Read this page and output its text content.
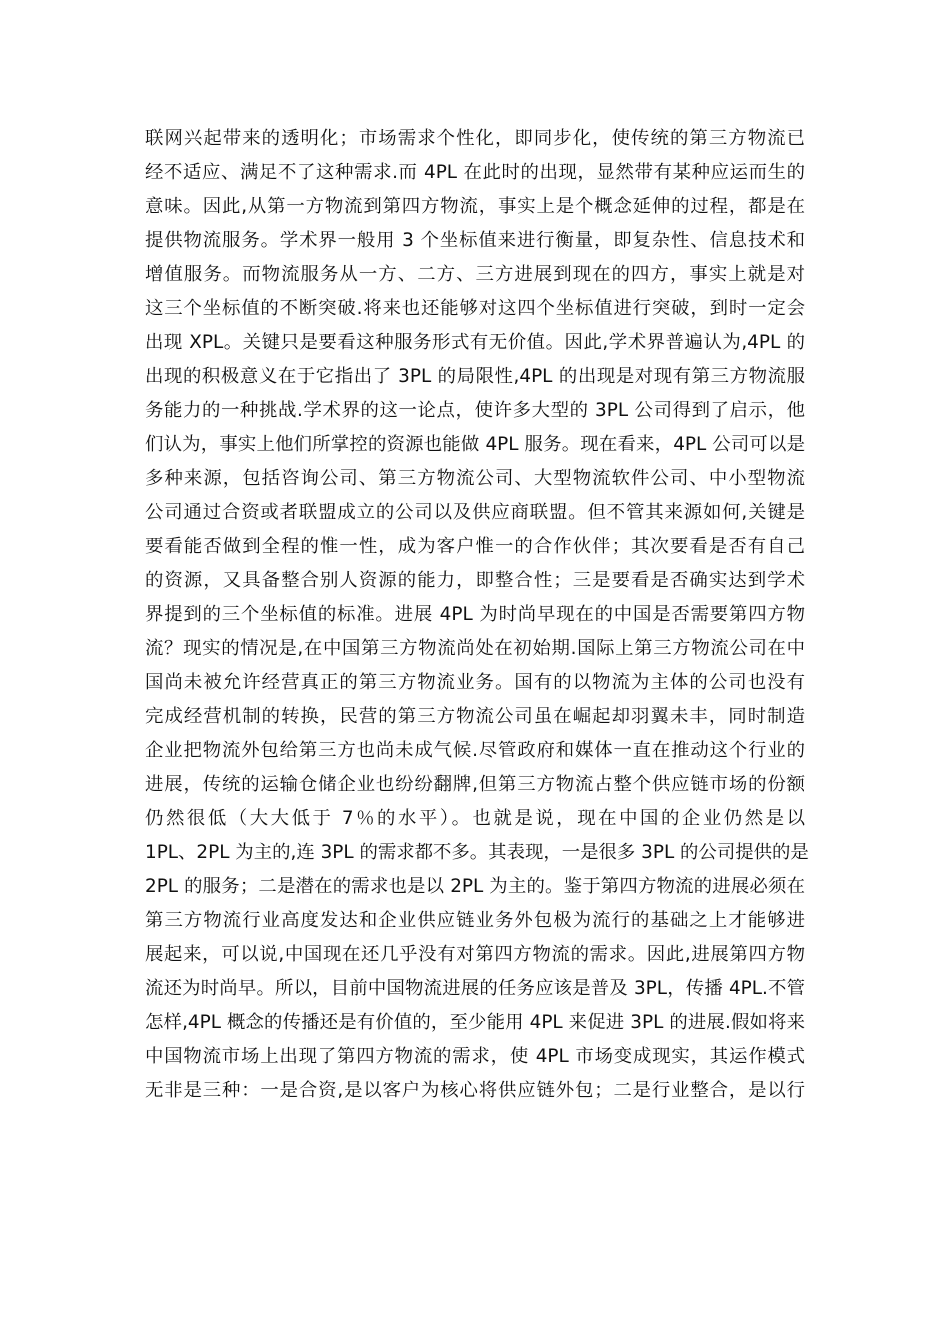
联网兴起带来的透明化；市场需求个性化，即同步化，使传统的第三方物流已
经不适应、满足不了这种需求.而 4PL 在此时的出现，显然带有某种应运而生的
意味。因此,从第一方物流到第四方物流，事实上是个概念延伸的过程，都是在
提供物流服务。学术界一般用 3 个坐标值来进行衡量，即复杂性、信息技术和
增值服务。而物流服务从一方、二方、三方进展到现在的四方，事实上就是对
这三个坐标值的不断突破.将来也还能够对这四个坐标值进行突破，到时一定会
出现 XPL。关键只是要看这种服务形式有无价值。因此,学术界普遍认为,4PL 的
出现的积极意义在于它指出了 3PL 的局限性,4PL 的出现是对现有第三方物流服
务能力的一种挑战.学术界的这一论点，使许多大型的 3PL 公司得到了启示，他
们认为，事实上他们所掌控的资源也能做 4PL 服务。现在看来，4PL 公司可以是
多种来源，包括咨询公司、第三方物流公司、大型物流软件公司、中小型物流
公司通过合资或者联盟成立的公司以及供应商联盟。但不管其来源如何,关键是
要看能否做到全程的惟一性，成为客户惟一的合作伙伴；其次要看是否有自己
的资源，又具备整合别人资源的能力，即整合性；三是要看是否确实达到学术
界提到的三个坐标值的标准。进展 4PL 为时尚早现在的中国是否需要第四方物
流？现实的情况是,在中国第三方物流尚处在初始期.国际上第三方物流公司在中
国尚未被允许经营真正的第三方物流业务。国有的以物流为主体的公司也没有
完成经营机制的转换，民营的第三方物流公司虽在崛起却羽翼未丰，同时制造
企业把物流外包给第三方也尚未成气候.尽管政府和媒体一直在推动这个行业的
进展，传统的运输仓储企业也纷纷翻牌,但第三方物流占整个供应链市场的份额
仍然很低（大大低于 7％的水平）。也就是说，现在中国的企业仍然是以
1PL、2PL 为主的,连 3PL 的需求都不多。其表现，一是很多 3PL 的公司提供的是
2PL 的服务；二是潜在的需求也是以 2PL 为主的。鉴于第四方物流的进展必须在
第三方物流行业高度发达和企业供应链业务外包极为流行的基础之上才能够进
展起来，可以说,中国现在还几乎没有对第四方物流的需求。因此,进展第四方物
流还为时尚早。所以，目前中国物流进展的任务应该是普及 3PL，传播 4PL.不管
怎样,4PL 概念的传播还是有价值的，至少能用 4PL 来促进 3PL 的进展.假如将来
中国物流市场上出现了第四方物流的需求，使 4PL 市场变成现实，其运作模式
无非是三种：一是合资,是以客户为核心将供应链外包；二是行业整合，是以行
